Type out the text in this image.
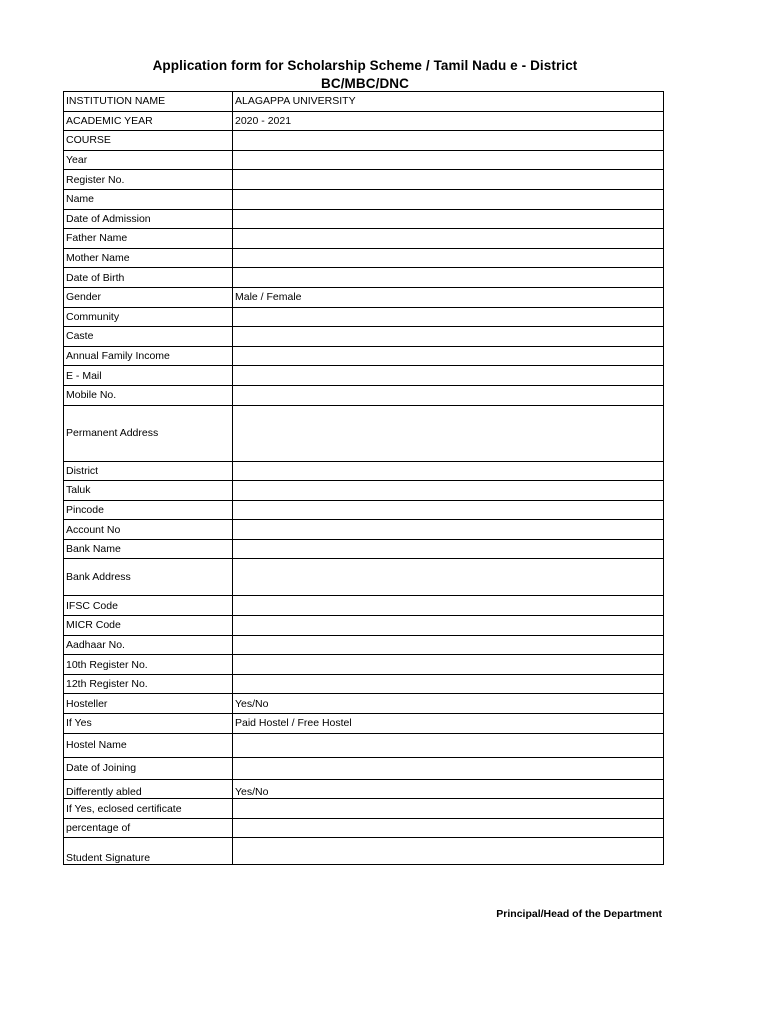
Application form for Scholarship Scheme / Tamil Nadu e - District
BC/MBC/DNC
INSTITUTION NAME	ALAGAPPA UNIVERSITY
ACADEMIC YEAR	2020 - 2021
COURSE	
Year	
Register No.	
Name	
Date of Admission	
Father Name	
Mother Name	
Date of Birth	
Gender	Male / Female
Community	
Caste	
Annual Family Income	
E - Mail	
Mobile No.	
Permanent Address	
District	
Taluk	
Pincode	
Account No	
Bank Name	
Bank Address	
IFSC Code	
MICR Code	
Aadhaar No.	
10th Register No.	
12th Register No.	
Hosteller	Yes/No
If Yes	Paid Hostel / Free Hostel
Hostel Name	
Date of Joining	
Differently abled	Yes/No
If Yes, eclosed certificate	
percentage of	
Student Signature	
Principal/Head of the Department
